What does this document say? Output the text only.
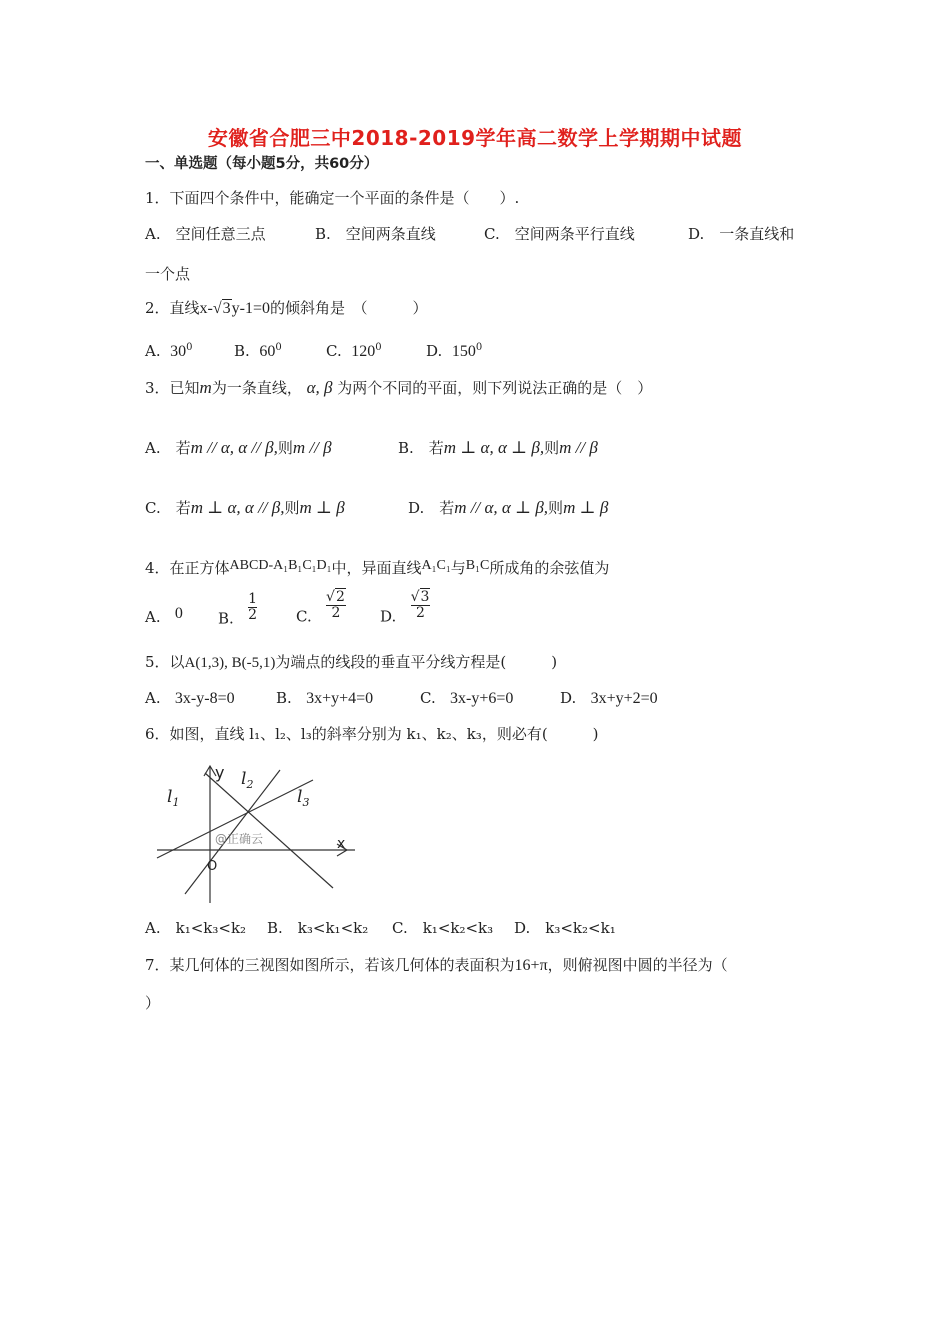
安徽省合肥三中2018-2019学年高二数学上学期期中试题
一、单选题（每小题5分，共60分）
1．下面四个条件中，能确定一个平面的条件是（　　）.
A.　空间任意三点	B.　空间两条直线	C.　空间两条平行直线	D.　一条直线和
一个点
2．直线x-√3y-1=0的倾斜角是　（　　　）
A. $30^0$	B. $60^0$	C. $120^0$	D. $150^0$
3．已知m为一条直线， α, β 为两个不同的平面，则下列说法正确的是（　）
A.　若m // α, α // β,则m // β	B.　若m ⊥ α, α ⊥ β,则m // β
C.　若m ⊥ α, α // β,则m ⊥ β	D.　若m // α, α ⊥ β,则m ⊥ β
4．在正方体ABCD-A₁B₁C₁D₁中，异面直线A₁C₁与B₁C所成角的余弦值为
A. 0 B. $\frac{1}{2}$	C. $\frac{√2}{2} D$. $\frac{√3}{2}$
5．以A(1,3), B(-5,1)为端点的线段的垂直平分线方程是(　　　)
A. 3x-y-8=0	B. 3x+y+4=0	C. 3x-y+6=0	D. 3x+y+2=0
6．如图，直线 l₁、l₂、l₃的斜率分别为 k₁、k₂、k₃，则必有(　　　)
y
x
O
$l_1$
$l_2$
$l_3$
@正确云
A.　k₁<k₃<k₂ B.　k₃<k₁<k₂ C.　k₁<k₂<k₃ D.　k₃<k₂<k₁
7．某几何体的三视图如图所示，若该几何体的表面积为16+π，则俯视图中圆的半径为（
）
